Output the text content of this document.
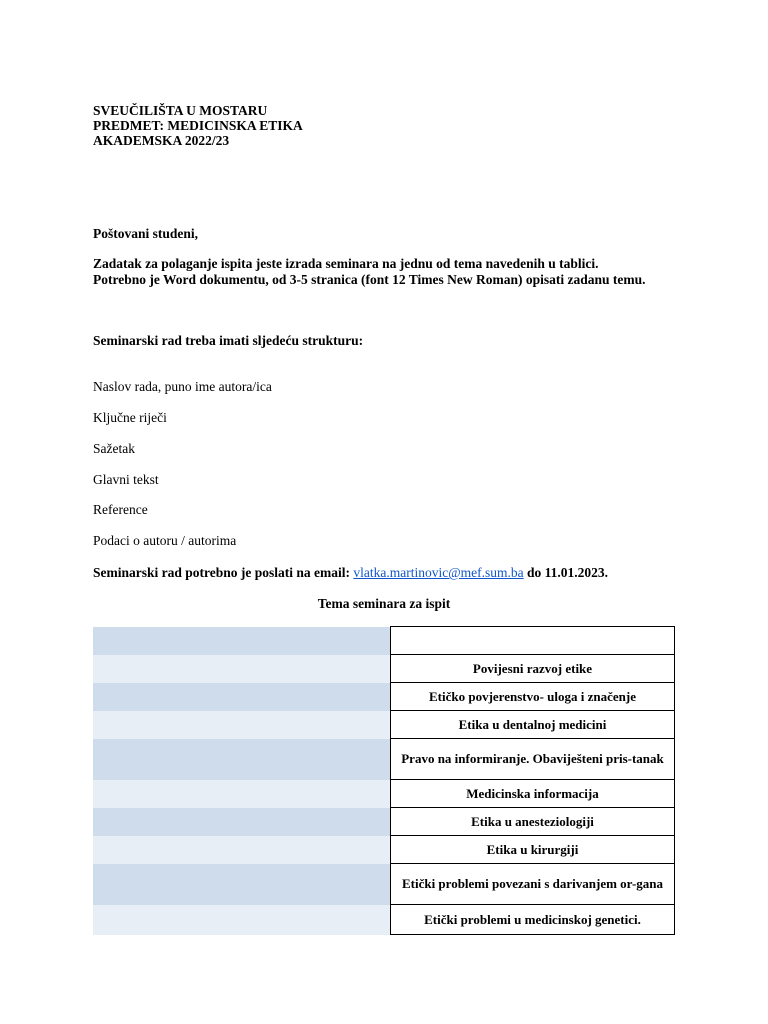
SVEUČILIŠTA U MOSTARU
PREDMET: MEDICINSKA ETIKA
AKADEMSKA 2022/23
Poštovani studeni,
Zadatak za polaganje ispita jeste izrada seminara na jednu od tema navedenih u tablici. Potrebno je Word dokumentu, od 3-5 stranica (font 12 Times New Roman) opisati zadanu temu.
Seminarski rad treba imati sljedeću strukturu:
Naslov rada, puno ime autora/ica
Ključne riječi
Sažetak
Glavni tekst
Reference
Podaci o autoru / autorima
Seminarski rad potrebno je poslati na email: vlatka.martinovic@mef.sum.ba do 11.01.2023.
Tema seminara za ispit

	Povijesni razvoj etike
	Etičko povjerenstvo- uloga i značenje
	Etika u dentalnoj medicini
	Pravo na informiranje. Obaviješteni pris-tanak
	Medicinska informacija
	Etika u anesteziologiji
	Etika u kirurgiji
	Etički problemi povezani s darivanjem or-gana
	Etički problemi u medicinskoj genetici.
